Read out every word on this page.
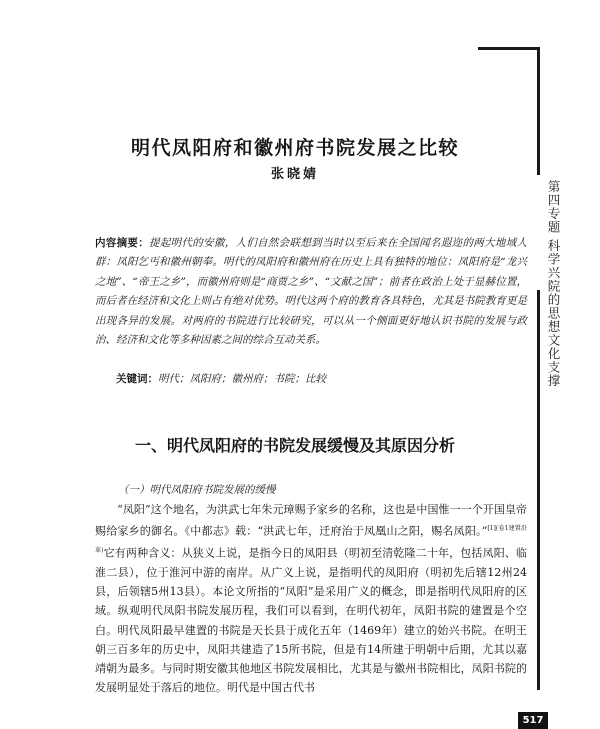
第四专题 科学兴院的思想文化支撑
明代凤阳府和徽州府书院发展之比较
张晓婧

内容摘要：提起明代的安徽，人们自然会联想到当时以至后来在全国闻名遐迩的两大地域人群：凤阳乞丐和徽州朝奉。明代的凤阳府和徽州府在历史上具有独特的地位：凤阳府是“龙兴之地”、“帝王之乡”，而徽州府则是“商贾之乡”、“文献之国”；前者在政治上处于显赫位置，而后者在经济和文化上则占有绝对优势。明代这两个府的教育各具特色，尤其是书院教育更是出现各异的发展。对两府的书院进行比较研究，可以从一个侧面更好地认识书院的发展与政治、经济和文化等多种因素之间的综合互动关系。

关键词：明代；凤阳府；徽州府；书院；比较

一、明代凤阳府的书院发展缓慢及其原因分析

（一）明代凤阳府书院发展的缓慢

　　“凤阳”这个地名，为洪武七年朱元璋赐予家乡的名称，这也是中国惟一一个开国皇帝赐给家乡的御名。《中都志》载：“洪武七年，迁府治于凤凰山之阳，赐名凤阳。”$^{[1](卷1建置沿革)}$它有两种含义：从狭义上说，是指今日的凤阳县（明初至清乾隆二十年，包括凤阳、临淮二县），位于淮河中游的南岸。从广义上说，是指明代的凤阳府（明初先后辖12州24县，后领辖5州13县）。本论文所指的“凤阳”是采用广义的概念，即是指明代凤阳府的区域。纵观明代凤阳书院发展历程，我们可以看到，在明代初年，凤阳书院的建置是个空白。明代凤阳最早建置的书院是天长县于成化五年（1469年）建立的始兴书院。在明王朝三百多年的历史中，凤阳共建造了15所书院，但是有14所建于明朝中后期，尤其以嘉靖朝为最多。与同时期安徽其他地区书院发展相比，尤其是与徽州书院相比，凤阳书院的发展明显处于落后的地位。明代是中国古代书

517
